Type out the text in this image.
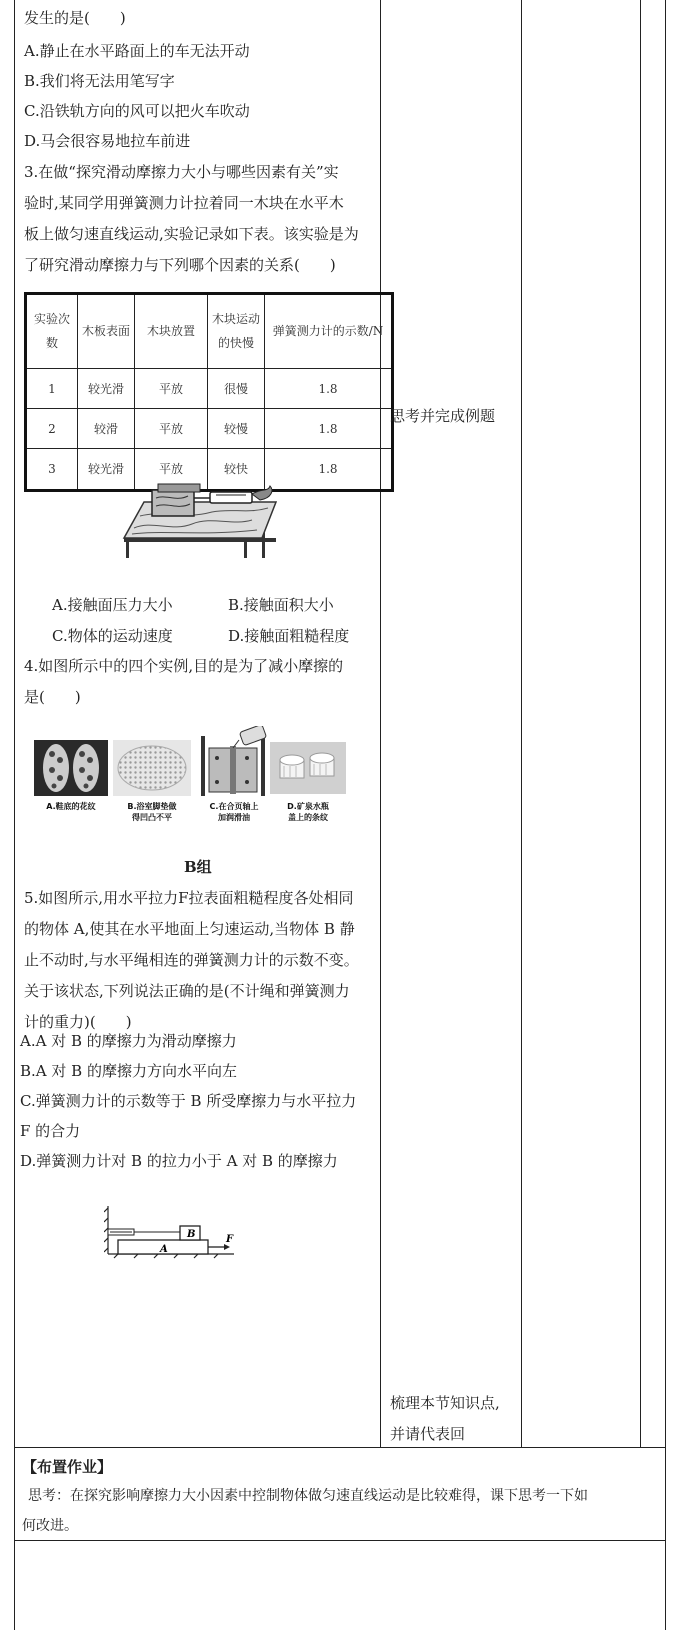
发生的是(　　)
A.静止在水平路面上的车无法开动
B.我们将无法用笔写字
C.沿铁轨方向的风可以把火车吹动
D.马会很容易地拉车前进
3.在做“探究滑动摩擦力大小与哪些因素有关”实
验时,某同学用弹簧测力计拉着同一木块在水平木
板上做匀速直线运动,实验记录如下表。该实验是为
了研究滑动摩擦力与下列哪个因素的关系(　　)
实验次数	木板表面	木块放置	木块运动的快慢	弹簧测力计的示数/N
1	较光滑	平放	很慢	1.8
2	较滑	平放	较慢	1.8
3	较光滑	平放	较快	1.8
A.接触面压力大小	B.接触面积大小
C.物体的运动速度	D.接触面粗糙程度
4.如图所示中的四个实例,目的是为了减小摩擦的
是(　　)
A.鞋底的花纹	B.浴室脚垫做
得凹凸不平
C.在合页轴上
加润滑油
D.矿泉水瓶
盖上的条纹
B组
5.如图所示,用水平拉力F拉表面粗糙程度各处相同
的物体 A,使其在水平地面上匀速运动,当物体 B 静
止不动时,与水平绳相连的弹簧测力计的示数不变。
关于该状态,下列说法正确的是(不计绳和弹簧测力
计的重力)(　　)
A.A 对 B 的摩擦力为滑动摩擦力
B.A 对 B 的摩擦力方向水平向左
C.弹簧测力计的示数等于 B 所受摩擦力与水平拉力
F 的合力
D.弹簧测力计对 B 的拉力小于 A 对 B 的摩擦力
B
A
F
思考并完成例题
梳理本节知识点,
并请代表回
【布置作业】
思考：在探究影响摩擦力大小因素中控制物体做匀速直线运动是比较难得，课下思考一下如
何改进。
